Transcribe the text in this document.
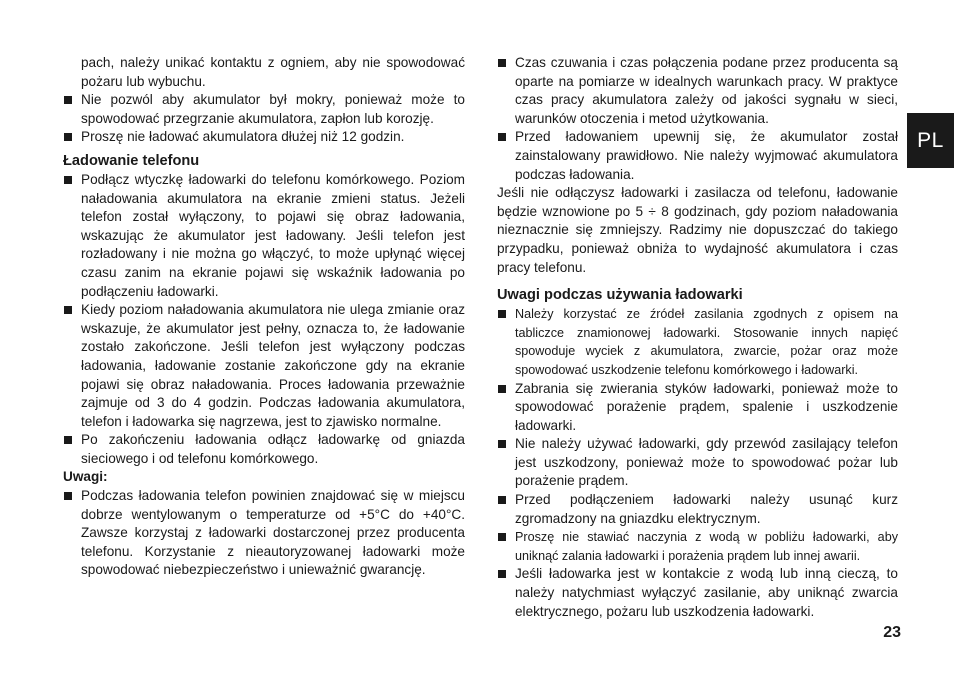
PL
pach, należy unikać kontaktu z ogniem, aby nie spowodować pożaru lub wybuchu.
Nie pozwól aby akumulator był mokry, ponieważ może to spowodować przegrzanie akumulatora, zapłon lub korozję.
Proszę nie ładować akumulatora dłużej niż 12 godzin.
Ładowanie telefonu
Podłącz wtyczkę ładowarki do telefonu komórkowego. Poziom naładowania akumulatora na ekranie zmieni status. Jeżeli telefon został wyłączony, to pojawi się obraz ładowania, wskazując że akumulator jest ładowany. Jeśli telefon jest rozładowany i nie można go włączyć, to może upłynąć więcej czasu zanim na ekranie pojawi się wskaźnik ładowania po podłączeniu ładowarki.
Kiedy poziom naładowania akumulatora nie ulega zmianie oraz wskazuje, że akumulator jest pełny, oznacza to, że ładowanie zostało zakończone. Jeśli telefon jest wyłączony podczas ładowania, ładowanie zostanie zakończone gdy na ekranie pojawi się obraz naładowania. Proces ładowania przeważnie zajmuje od 3 do 4 godzin. Podczas ładowania akumulatora, telefon i ładowarka się nagrzewa, jest to zjawisko normalne.
Po zakończeniu ładowania odłącz ładowarkę od gniazda sieciowego i od telefonu komórkowego.
Uwagi:
Podczas ładowania telefon powinien znajdować się w miejscu dobrze wentylowanym o temperaturze od +5°C do +40°C. Zawsze korzystaj z ładowarki dostarczonej przez producenta telefonu. Korzystanie z nieautoryzowanej ładowarki może spowodować niebezpieczeństwo i unieważnić gwarancję.
Czas czuwania i czas połączenia podane przez producenta są oparte na pomiarze w idealnych warunkach pracy. W praktyce czas pracy akumulatora zależy od jakości sygnału w sieci, warunków otoczenia i metod użytkowania.
Przed ładowaniem upewnij się, że akumulator został zainstalowany prawidłowo. Nie należy wyjmować akumulatora podczas ładowania.
Jeśli nie odłączysz ładowarki i zasilacza od telefonu, ładowanie będzie wznowione po 5 ÷ 8 godzinach, gdy poziom naładowania nieznacznie się zmniejszy. Radzimy nie dopuszczać do takiego przypadku, ponieważ obniża to wydajność akumulatora i czas pracy telefonu.
Uwagi podczas używania ładowarki
Należy korzystać ze źródeł zasilania zgodnych z opisem na tabliczce znamionowej ładowarki. Stosowanie innych napięć spowoduje wyciek z akumulatora, zwarcie, pożar oraz może spowodować uszkodzenie telefonu komórkowego i ładowarki.
Zabrania się zwierania styków ładowarki, ponieważ może to spowodować porażenie prądem, spalenie i uszkodzenie ładowarki.
Nie należy używać ładowarki, gdy przewód zasilający telefon jest uszkodzony, ponieważ może to spowodować pożar lub porażenie prądem.
Przed podłączeniem ładowarki należy usunąć kurz zgromadzony na gniazdku elektrycznym.
Proszę nie stawiać naczynia z wodą w pobliżu ładowarki, aby uniknąć zalania ładowarki i porażenia prądem lub innej awarii.
Jeśli ładowarka jest w kontakcie z wodą lub inną cieczą, to należy natychmiast wyłączyć zasilanie, aby uniknąć zwarcia elektrycznego, pożaru lub uszkodzenia ładowarki.
23
